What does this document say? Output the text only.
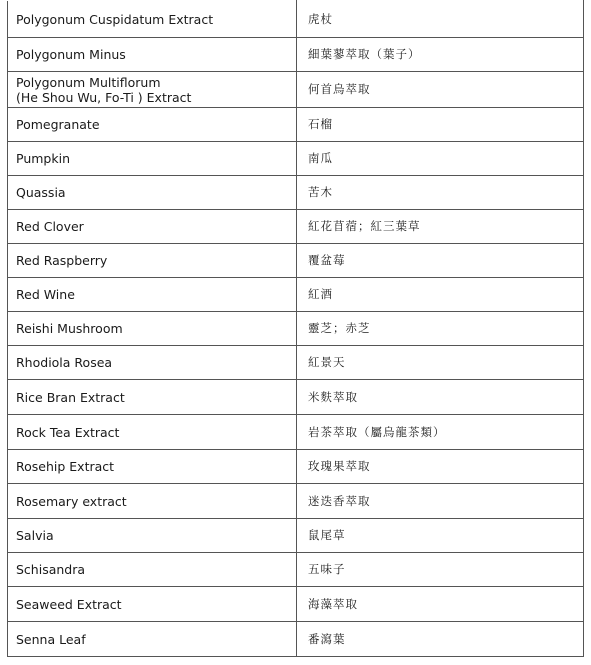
Polygonum Cuspidatum Extract	虎杖
Polygonum Minus	細葉蓼萃取（葉子）
Polygonum Multiflorum
(He Shou Wu, Fo-Ti ) Extract	何首烏萃取
Pomegranate	石榴
Pumpkin	南瓜
Quassia	苦木
Red Clover	紅花苜蓿；紅三葉草
Red Raspberry	覆盆莓
Red Wine	紅酒
Reishi Mushroom	靈芝；赤芝
Rhodiola Rosea	紅景天
Rice Bran Extract	米麩萃取
Rock Tea Extract	岩茶萃取（屬烏龍茶類）
Rosehip Extract	玫瑰果萃取
Rosemary extract	迷迭香萃取
Salvia	鼠尾草
Schisandra	五味子
Seaweed Extract	海藻萃取
Senna Leaf	番瀉葉
